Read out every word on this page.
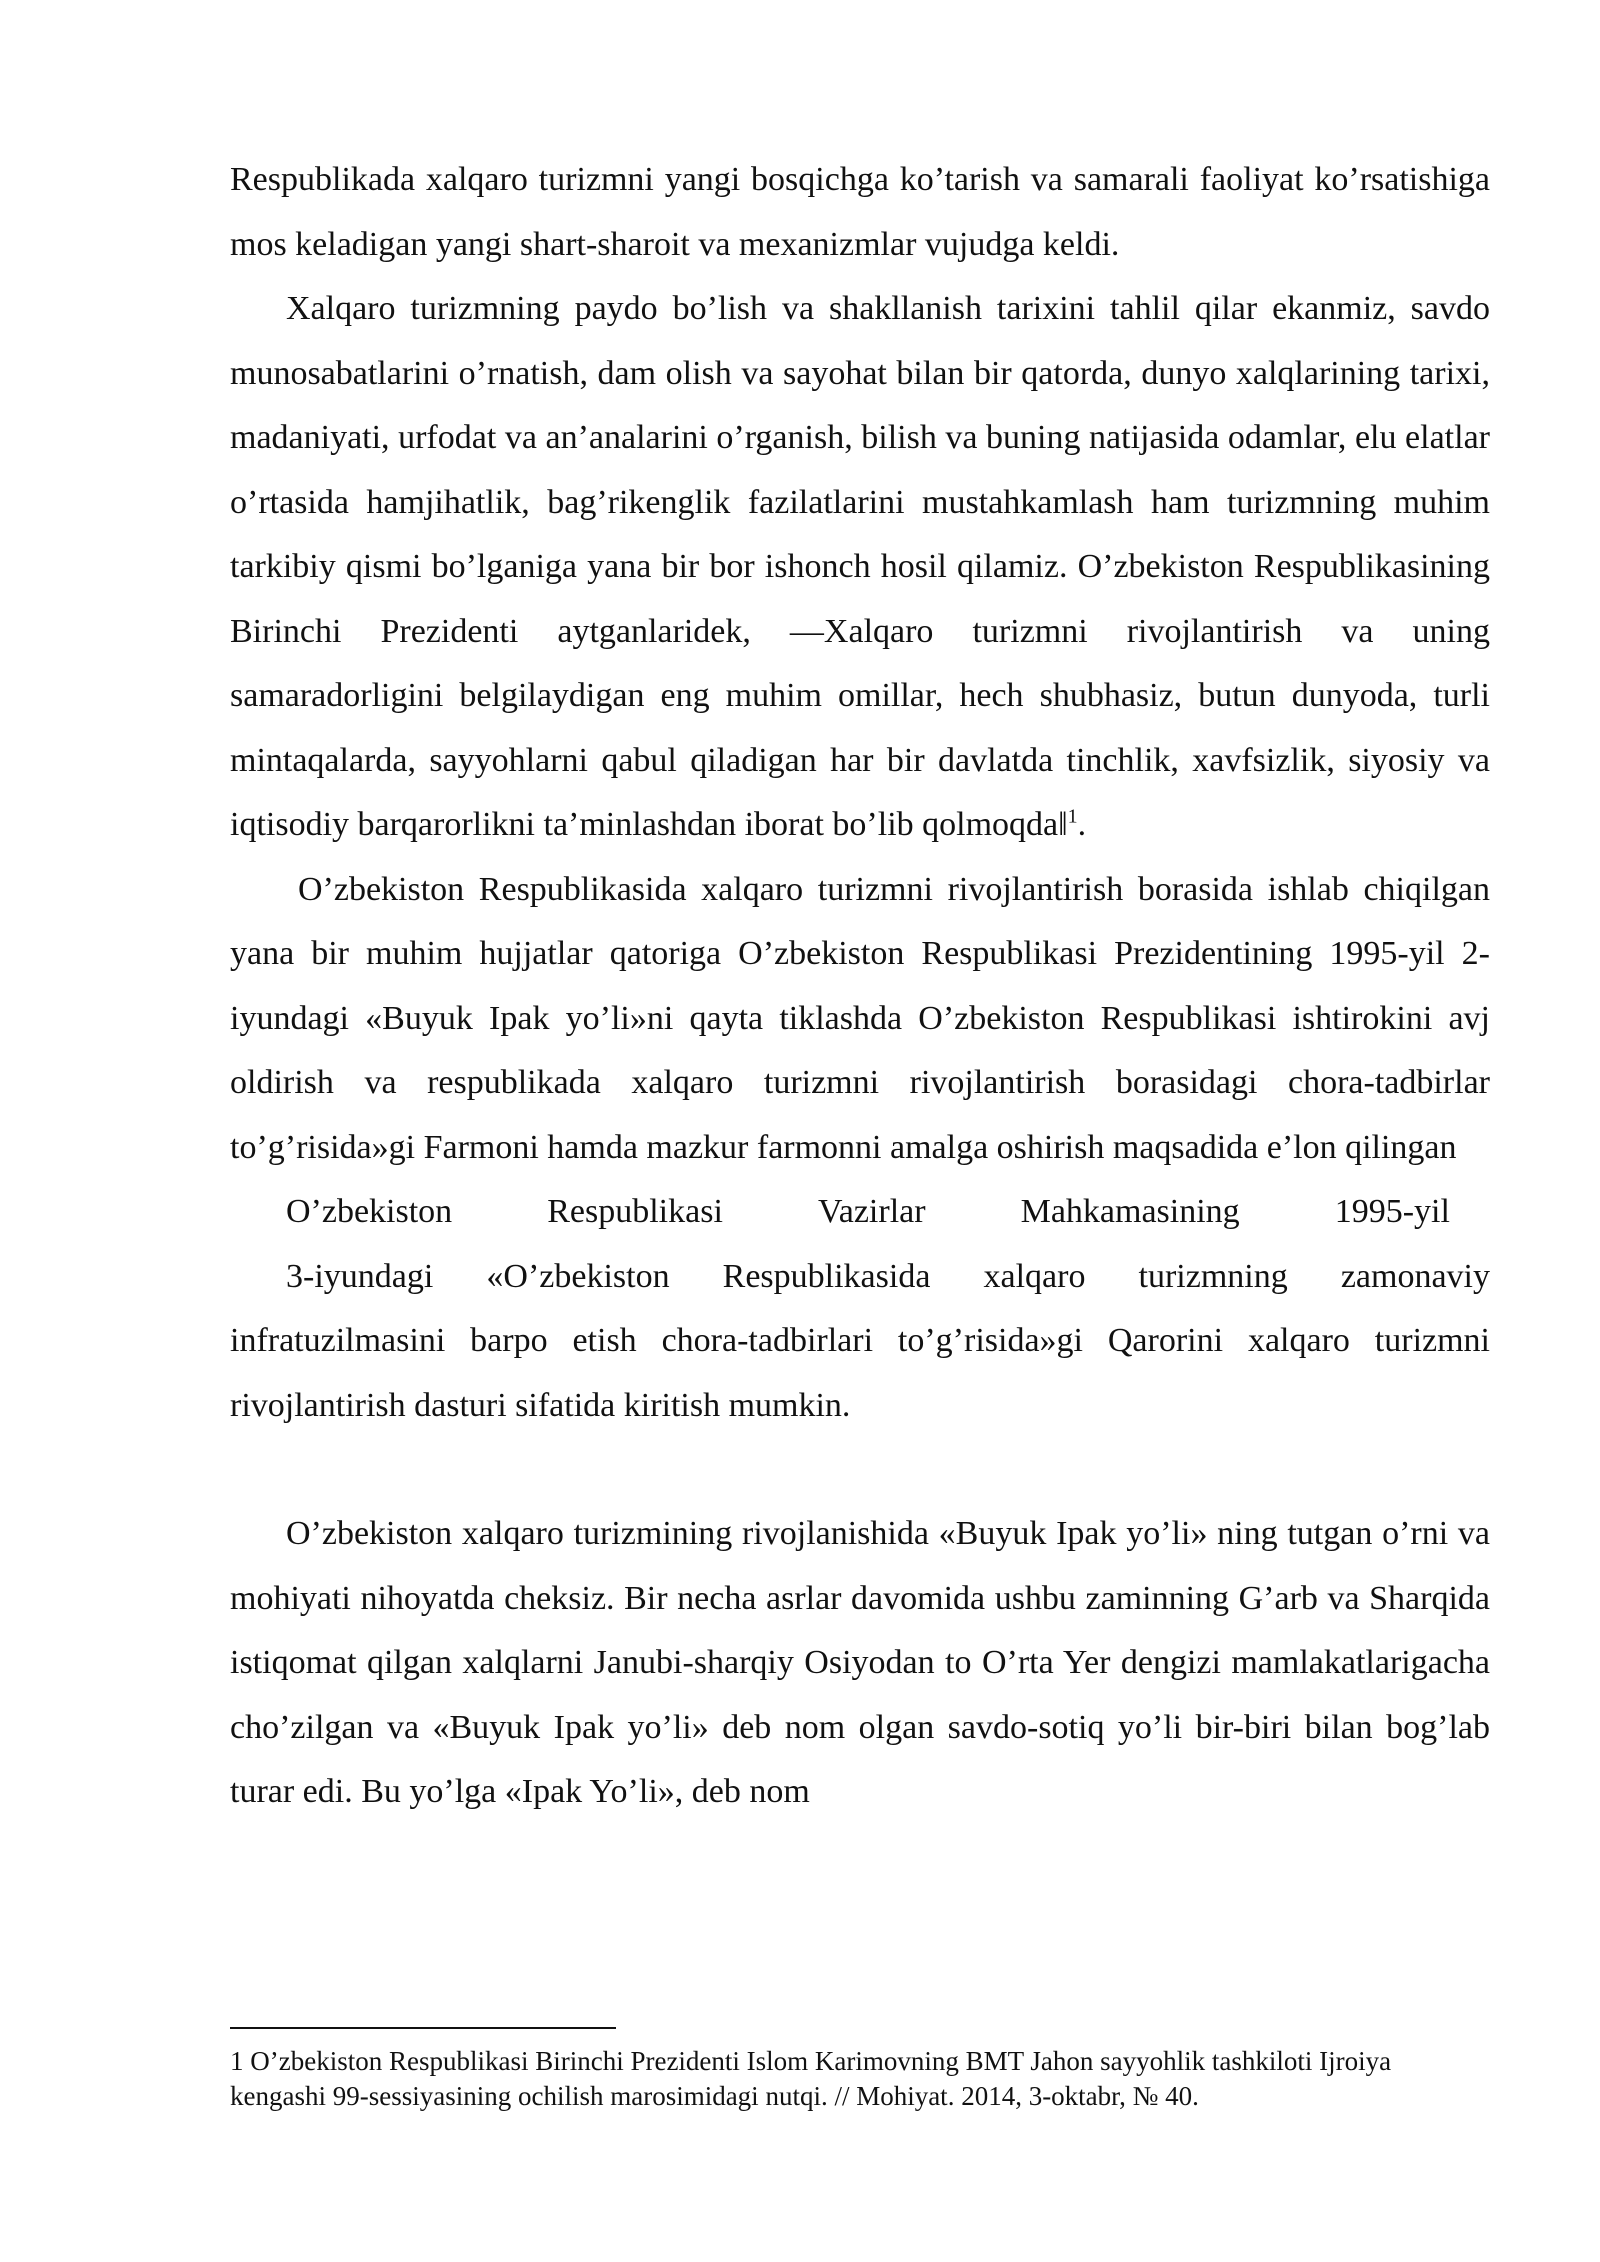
Respublikada xalqaro turizmni yangi bosqichga ko’tarish va samarali faoliyat ko’rsatishiga mos keladigan yangi shart-sharoit va mexanizmlar vujudga keldi.

Xalqaro turizmning paydo bo’lish va shakllanish tarixini tahlil qilar ekanmiz, savdo munosabatlarini o’rnatish, dam olish va sayohat bilan bir qatorda, dunyo xalqlarining tarixi, madaniyati, urfodat va an’analarini o’rganish, bilish va buning natijasida odamlar, elu elatlar o’rtasida hamjihatlik, bag’rikenglik fazilatlarini mustahkamlash ham turizmning muhim tarkibiy qismi bo’lganiga yana bir bor ishonch hosil qilamiz. O’zbekiston Respublikasining Birinchi Prezidenti aytganlaridek, ―Xalqaro turizmni rivojlantirish va uning samaradorligini belgilaydigan eng muhim omillar, hech shubhasiz, butun dunyoda, turli mintaqalarda, sayyohlarni qabul qiladigan har bir davlatda tinchlik, xavfsizlik, siyosiy va iqtisodiy barqarorlikni ta’minlashdan iborat bo’lib qolmoqda‖$^1$.

O’zbekiston Respublikasida xalqaro turizmni rivojlantirish borasida ishlab chiqilgan yana bir muhim hujjatlar qatoriga O’zbekiston Respublikasi Prezidentining 1995-yil 2-iyundagi «Buyuk Ipak yo’li»ni qayta tiklashda O’zbekiston Respublikasi ishtirokini avj oldirish va respublikada xalqaro turizmni rivojlantirish borasidagi chora-tadbirlar to’g’risida»gi Farmoni hamda mazkur farmonni amalga oshirish maqsadida e’lon qilingan

O’zbekiston	Respublikasi	Vazirlar	Mahkamasining	1995-yil

3-iyundagi «O’zbekiston Respublikasida xalqaro turizmning zamonaviy infratuzilmasini barpo etish chora-tadbirlari to’g’risida»gi Qarorini xalqaro turizmni rivojlantirish dasturi sifatida kiritish mumkin.

O’zbekiston xalqaro turizmining rivojlanishida «Buyuk Ipak yo’li» ning tutgan o’rni va mohiyati nihoyatda cheksiz. Bir necha asrlar davomida ushbu zaminning G’arb va Sharqida istiqomat qilgan xalqlarni Janubi-sharqiy Osiyodan to O’rta Yer dengizi mamlakatlarigacha cho’zilgan va «Buyuk Ipak yo’li» deb nom olgan savdo-sotiq yo’li bir-biri bilan bog’lab turar edi. Bu yo’lga «Ipak Yo’li», deb nom

1 O’zbekiston Respublikasi Birinchi Prezidenti Islom Karimovning BMT Jahon sayyohlik tashkiloti Ijroiya kengashi 99-sessiyasining ochilish marosimidagi nutqi. // Mohiyat. 2014, 3-oktabr, № 40.
